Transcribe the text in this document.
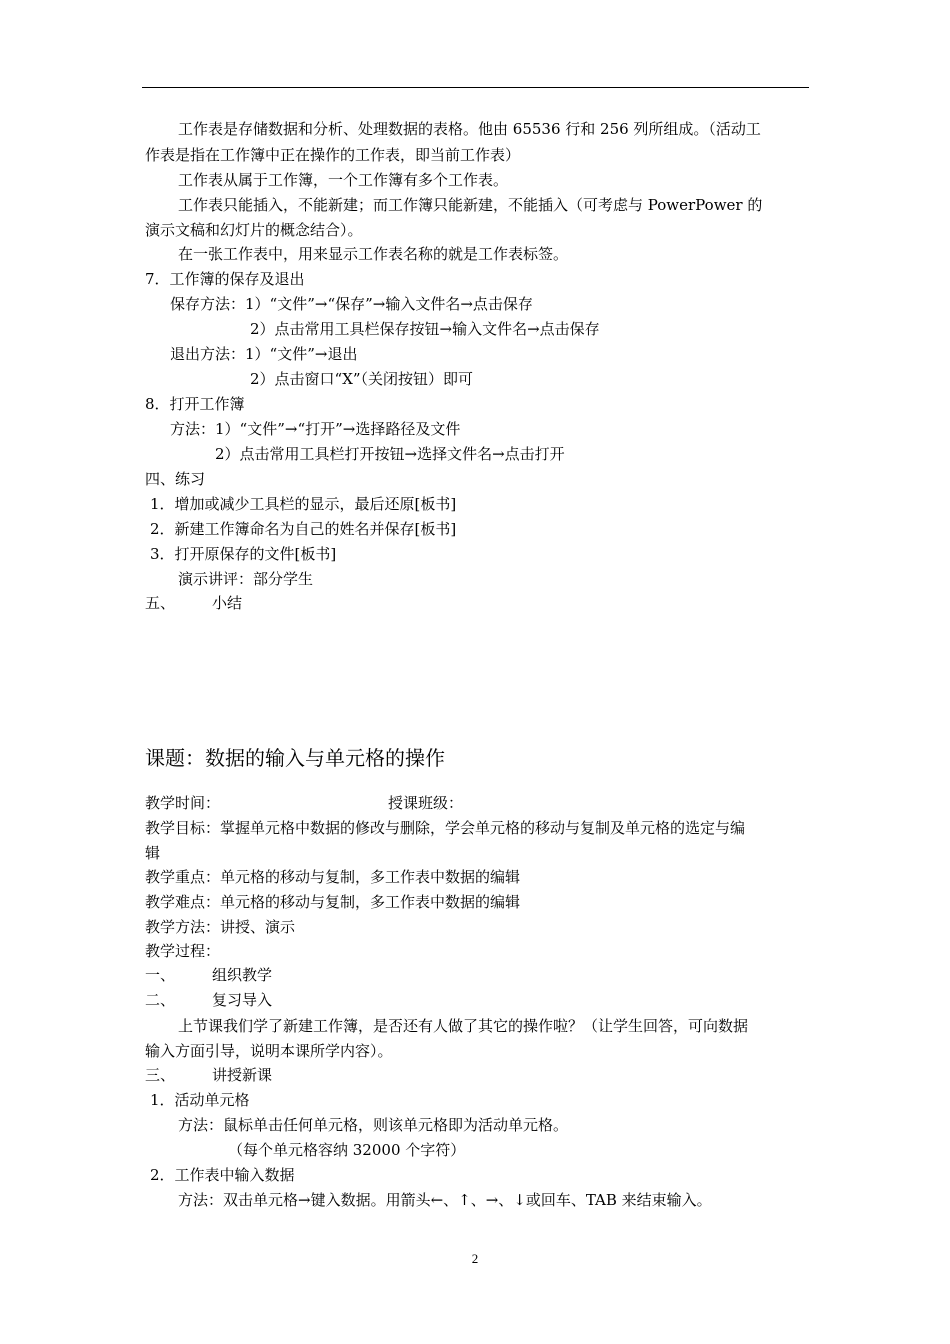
工作表是存储数据和分析、处理数据的表格。他由 65536 行和 256 列所组成。（活动工
作表是指在工作簿中正在操作的工作表，即当前工作表）
工作表从属于工作簿，一个工作簿有多个工作表。
工作表只能插入，不能新建；而工作簿只能新建，不能插入（可考虑与 PowerPower 的
演示文稿和幻灯片的概念结合）。
在一张工作表中，用来显示工作表名称的就是工作表标签。
7．工作簿的保存及退出
保存方法：1）“文件”→“保存”→输入文件名→点击保存
2）点击常用工具栏保存按钮→输入文件名→点击保存
退出方法：1）“文件”→退出
2）点击窗口“X”（关闭按钮）即可
8．打开工作簿
方法：1）“文件”→“打开”→选择路径及文件
2）点击常用工具栏打开按钮→选择文件名→点击打开
四、练习
1．增加或减少工具栏的显示，最后还原[板书]
2．新建工作簿命名为自己的姓名并保存[板书]
3．打开原保存的文件[板书]
演示讲评：部分学生
五、 小结
课题：数据的输入与单元格的操作
教学时间：	授课班级：
教学目标：掌握单元格中数据的修改与删除，学会单元格的移动与复制及单元格的选定与编
辑
教学重点：单元格的移动与复制，多工作表中数据的编辑
教学难点：单元格的移动与复制，多工作表中数据的编辑
教学方法：讲授、演示
教学过程：
一、 组织教学
二、 复习导入
上节课我们学了新建工作簿，是否还有人做了其它的操作啦？（让学生回答，可向数据
输入方面引导，说明本课所学内容）。
三、 讲授新课
1．活动单元格
方法：鼠标单击任何单元格，则该单元格即为活动单元格。
（每个单元格容纳 32000 个字符）
2．工作表中输入数据
方法：双击单元格→键入数据。用箭头←、↑、→、↓或回车、TAB 来结束输入。
2
